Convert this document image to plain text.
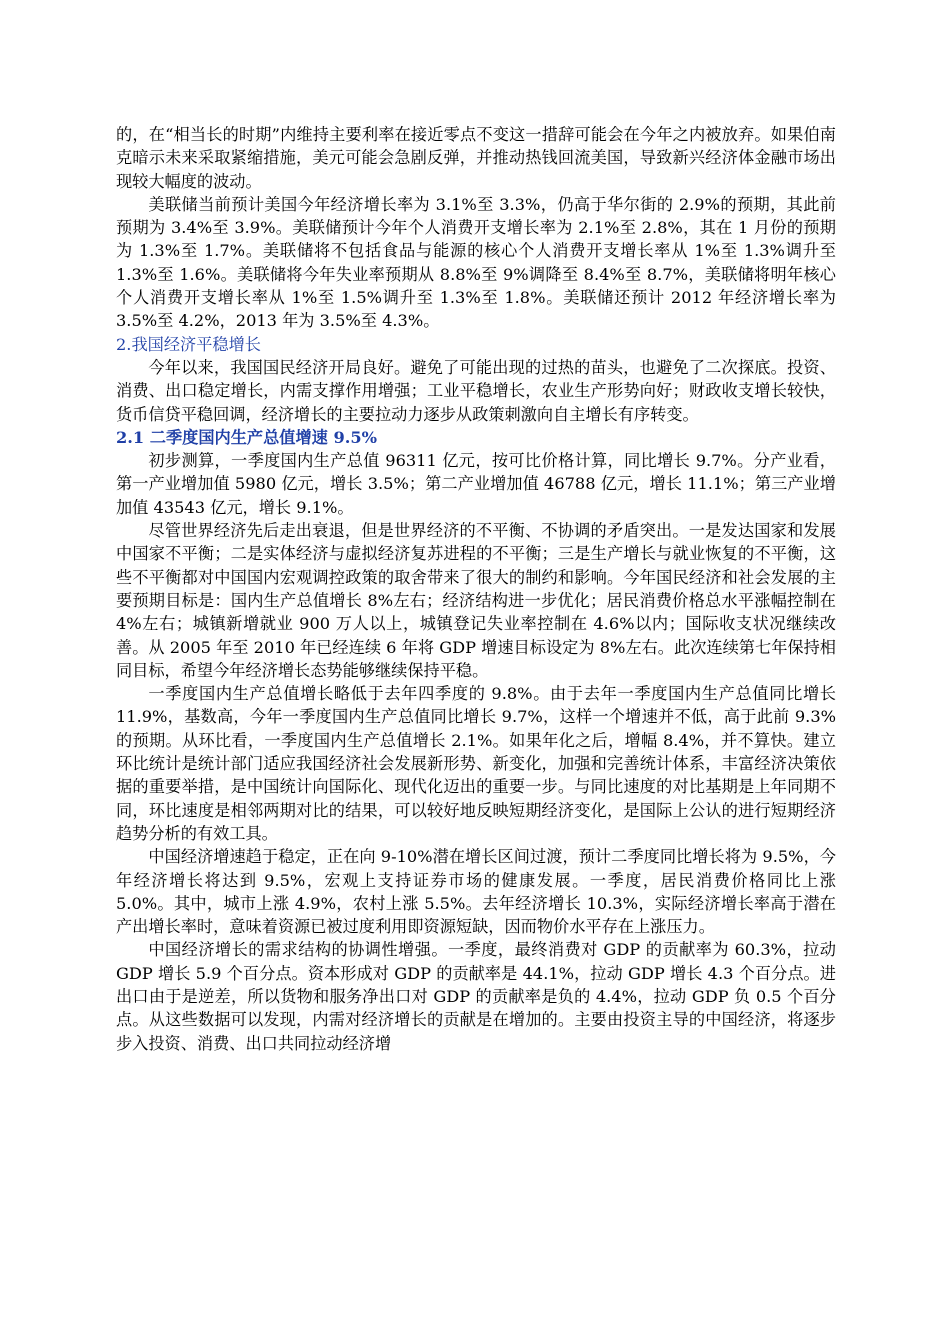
的，在“相当长的时期”内维持主要利率在接近零点不变这一措辞可能会在今年之内被放弃。如果伯南克暗示未来采取紧缩措施，美元可能会急剧反弹，并推动热钱回流美国，导致新兴经济体金融市场出现较大幅度的波动。

美联储当前预计美国今年经济增长率为 3.1%至 3.3%，仍高于华尔街的 2.9%的预期，其此前预期为 3.4%至 3.9%。美联储预计今年个人消费开支增长率为 2.1%至 2.8%，其在 1 月份的预期为 1.3%至 1.7%。美联储将不包括食品与能源的核心个人消费开支增长率从 1%至 1.3%调升至 1.3%至 1.6%。美联储将今年失业率预期从 8.8%至 9%调降至 8.4%至 8.7%，美联储将明年核心个人消费开支增长率从 1%至 1.5%调升至 1.3%至 1.8%。美联储还预计 2012 年经济增长率为 3.5%至 4.2%，2013 年为 3.5%至 4.3%。

2.我国经济平稳增长

今年以来，我国国民经济开局良好。避免了可能出现的过热的苗头，也避免了二次探底。投资、消费、出口稳定增长，内需支撑作用增强；工业平稳增长，农业生产形势向好；财政收支增长较快，货币信贷平稳回调，经济增长的主要拉动力逐步从政策刺激向自主增长有序转变。

2.1 二季度国内生产总值增速 9.5%

初步测算，一季度国内生产总值 96311 亿元，按可比价格计算，同比增长 9.7%。分产业看，第一产业增加值 5980 亿元，增长 3.5%；第二产业增加值 46788 亿元，增长 11.1%；第三产业增加值 43543 亿元，增长 9.1%。

尽管世界经济先后走出衰退，但是世界经济的不平衡、不协调的矛盾突出。一是发达国家和发展中国家不平衡；二是实体经济与虚拟经济复苏进程的不平衡；三是生产增长与就业恢复的不平衡，这些不平衡都对中国国内宏观调控政策的取舍带来了很大的制约和影响。今年国民经济和社会发展的主要预期目标是：国内生产总值增长 8%左右；经济结构进一步优化；居民消费价格总水平涨幅控制在 4%左右；城镇新增就业 900 万人以上，城镇登记失业率控制在 4.6%以内；国际收支状况继续改善。从 2005 年至 2010 年已经连续 6 年将 GDP 增速目标设定为 8%左右。此次连续第七年保持相同目标，希望今年经济增长态势能够继续保持平稳。

一季度国内生产总值增长略低于去年四季度的 9.8%。由于去年一季度国内生产总值同比增长 11.9%，基数高，今年一季度国内生产总值同比增长 9.7%，这样一个增速并不低，高于此前 9.3%的预期。从环比看，一季度国内生产总值增长 2.1%。如果年化之后，增幅 8.4%，并不算快。建立环比统计是统计部门适应我国经济社会发展新形势、新变化，加强和完善统计体系，丰富经济决策依据的重要举措，是中国统计向国际化、现代化迈出的重要一步。与同比速度的对比基期是上年同期不同，环比速度是相邻两期对比的结果，可以较好地反映短期经济变化，是国际上公认的进行短期经济趋势分析的有效工具。

中国经济增速趋于稳定，正在向 9-10%潜在增长区间过渡，预计二季度同比增长将为 9.5%，今年经济增长将达到 9.5%，宏观上支持证券市场的健康发展。一季度，居民消费价格同比上涨 5.0%。其中，城市上涨 4.9%，农村上涨 5.5%。去年经济增长 10.3%，实际经济增长率高于潜在产出增长率时，意味着资源已被过度利用即资源短缺，因而物价水平存在上涨压力。

中国经济增长的需求结构的协调性增强。一季度，最终消费对 GDP 的贡献率为 60.3%，拉动 GDP 增长 5.9 个百分点。资本形成对 GDP 的贡献率是 44.1%，拉动 GDP 增长 4.3 个百分点。进出口由于是逆差，所以货物和服务净出口对 GDP 的贡献率是负的 4.4%，拉动 GDP 负 0.5 个百分点。从这些数据可以发现，内需对经济增长的贡献是在增加的。主要由投资主导的中国经济，将逐步步入投资、消费、出口共同拉动经济增
